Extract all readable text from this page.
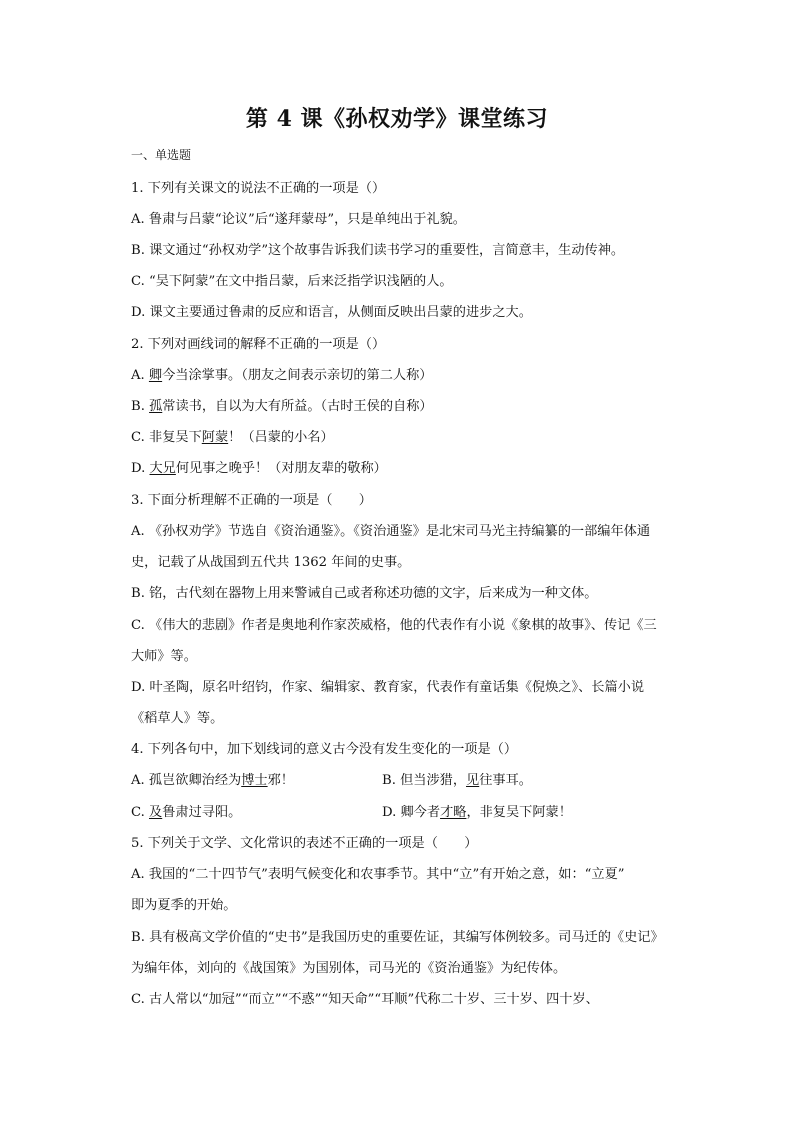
第 4 课《孙权劝学》课堂练习
一、单选题
1. 下列有关课文的说法不正确的一项是（）
A. 鲁肃与吕蒙“论议”后“遂拜蒙母”，只是单纯出于礼貌。
B. 课文通过“孙权劝学”这个故事告诉我们读书学习的重要性，言简意丰，生动传神。
C. “吴下阿蒙”在文中指吕蒙，后来泛指学识浅陋的人。
D. 课文主要通过鲁肃的反应和语言，从侧面反映出吕蒙的进步之大。
2. 下列对画线词的解释不正确的一项是（）
A. 卿今当涂掌事。（朋友之间表示亲切的第二人称）
B. 孤常读书，自以为大有所益。（古时王侯的自称）
C. 非复吴下阿蒙！（吕蒙的小名）
D. 大兄何见事之晚乎！（对朋友辈的敬称）
3. 下面分析理解不正确的一项是（　　）
A. 《孙权劝学》节选自《资治通鉴》。《资治通鉴》是北宋司马光主持编纂的一部编年体通
史，记载了从战国到五代共 1362 年间的史事。
B. 铭，古代刻在器物上用来警诫自己或者称述功德的文字，后来成为一种文体。
C. 《伟大的悲剧》作者是奥地利作家茨威格，他的代表作有小说《象棋的故事》、传记《三
大师》等。
D. 叶圣陶，原名叶绍钧，作家、编辑家、教育家，代表作有童话集《倪焕之》、长篇小说
《稻草人》等。
4. 下列各句中，加下划线词的意义古今没有发生变化的一项是（）
A. 孤岂欲卿治经为博士邪！	B. 但当涉猎，见往事耳。
C. 及鲁肃过寻阳。	D. 卿今者才略，非复吴下阿蒙！
5. 下列关于文学、文化常识的表述不正确的一项是（　　）
A. 我国的“二十四节气”表明气候变化和农事季节。其中“立”有开始之意，如：“立夏”
即为夏季的开始。
B. 具有极高文学价值的“史书”是我国历史的重要佐证，其编写体例较多。司马迁的《史记》
为编年体，刘向的《战国策》为国别体，司马光的《资治通鉴》为纪传体。
C. 古人常以“加冠”“而立”“不惑”“知天命”“耳顺”代称二十岁、三十岁、四十岁、
